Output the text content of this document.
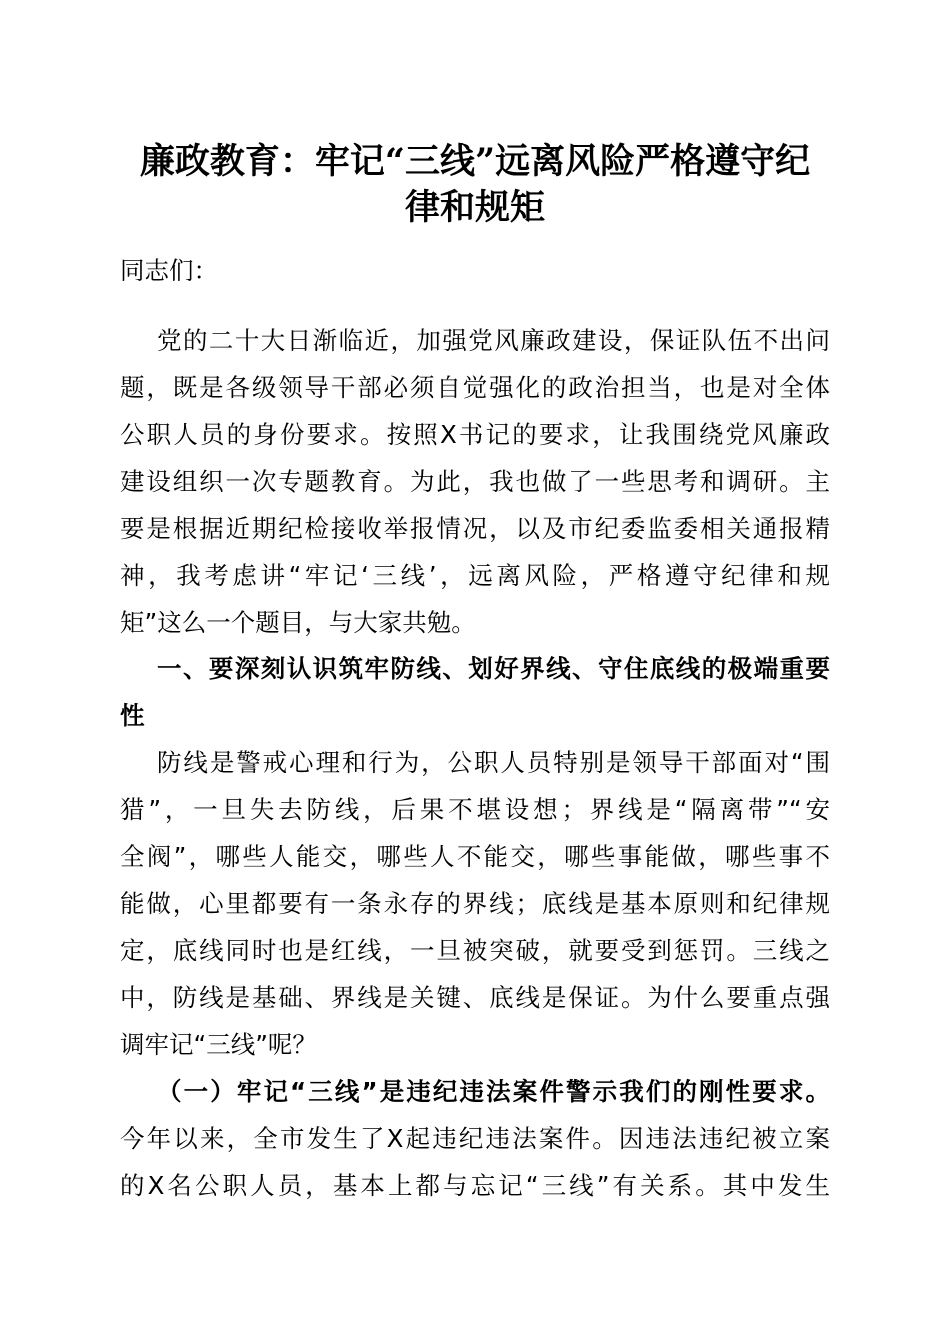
廉政教育：牢记“三线”远离风险严格遵守纪
律和规矩
同志们：
党的二十大日渐临近，加强党风廉政建设，保证队伍不出问
题，既是各级领导干部必须自觉强化的政治担当，也是对全体
公职人员的身份要求。按照X书记的要求，让我围绕党风廉政
建设组织一次专题教育。为此，我也做了一些思考和调研。主
要是根据近期纪检接收举报情况，以及市纪委监委相关通报精
神，我考虑讲“牢记‘三线’，远离风险，严格遵守纪律和规
矩”这么一个题目，与大家共勉。
一、要深刻认识筑牢防线、划好界线、守住底线的极端重要
性
防线是警戒心理和行为，公职人员特别是领导干部面对“围
猎”，一旦失去防线，后果不堪设想；界线是“隔离带”“安
全阀”，哪些人能交，哪些人不能交，哪些事能做，哪些事不
能做，心里都要有一条永存的界线；底线是基本原则和纪律规
定，底线同时也是红线，一旦被突破，就要受到惩罚。三线之
中，防线是基础、界线是关键、底线是保证。为什么要重点强
调牢记“三线”呢？
（一）牢记“三线”是违纪违法案件警示我们的刚性要求。
今年以来，全市发生了X起违纪违法案件。因违法违纪被立案
的X名公职人员，基本上都与忘记“三线”有关系。其中发生
